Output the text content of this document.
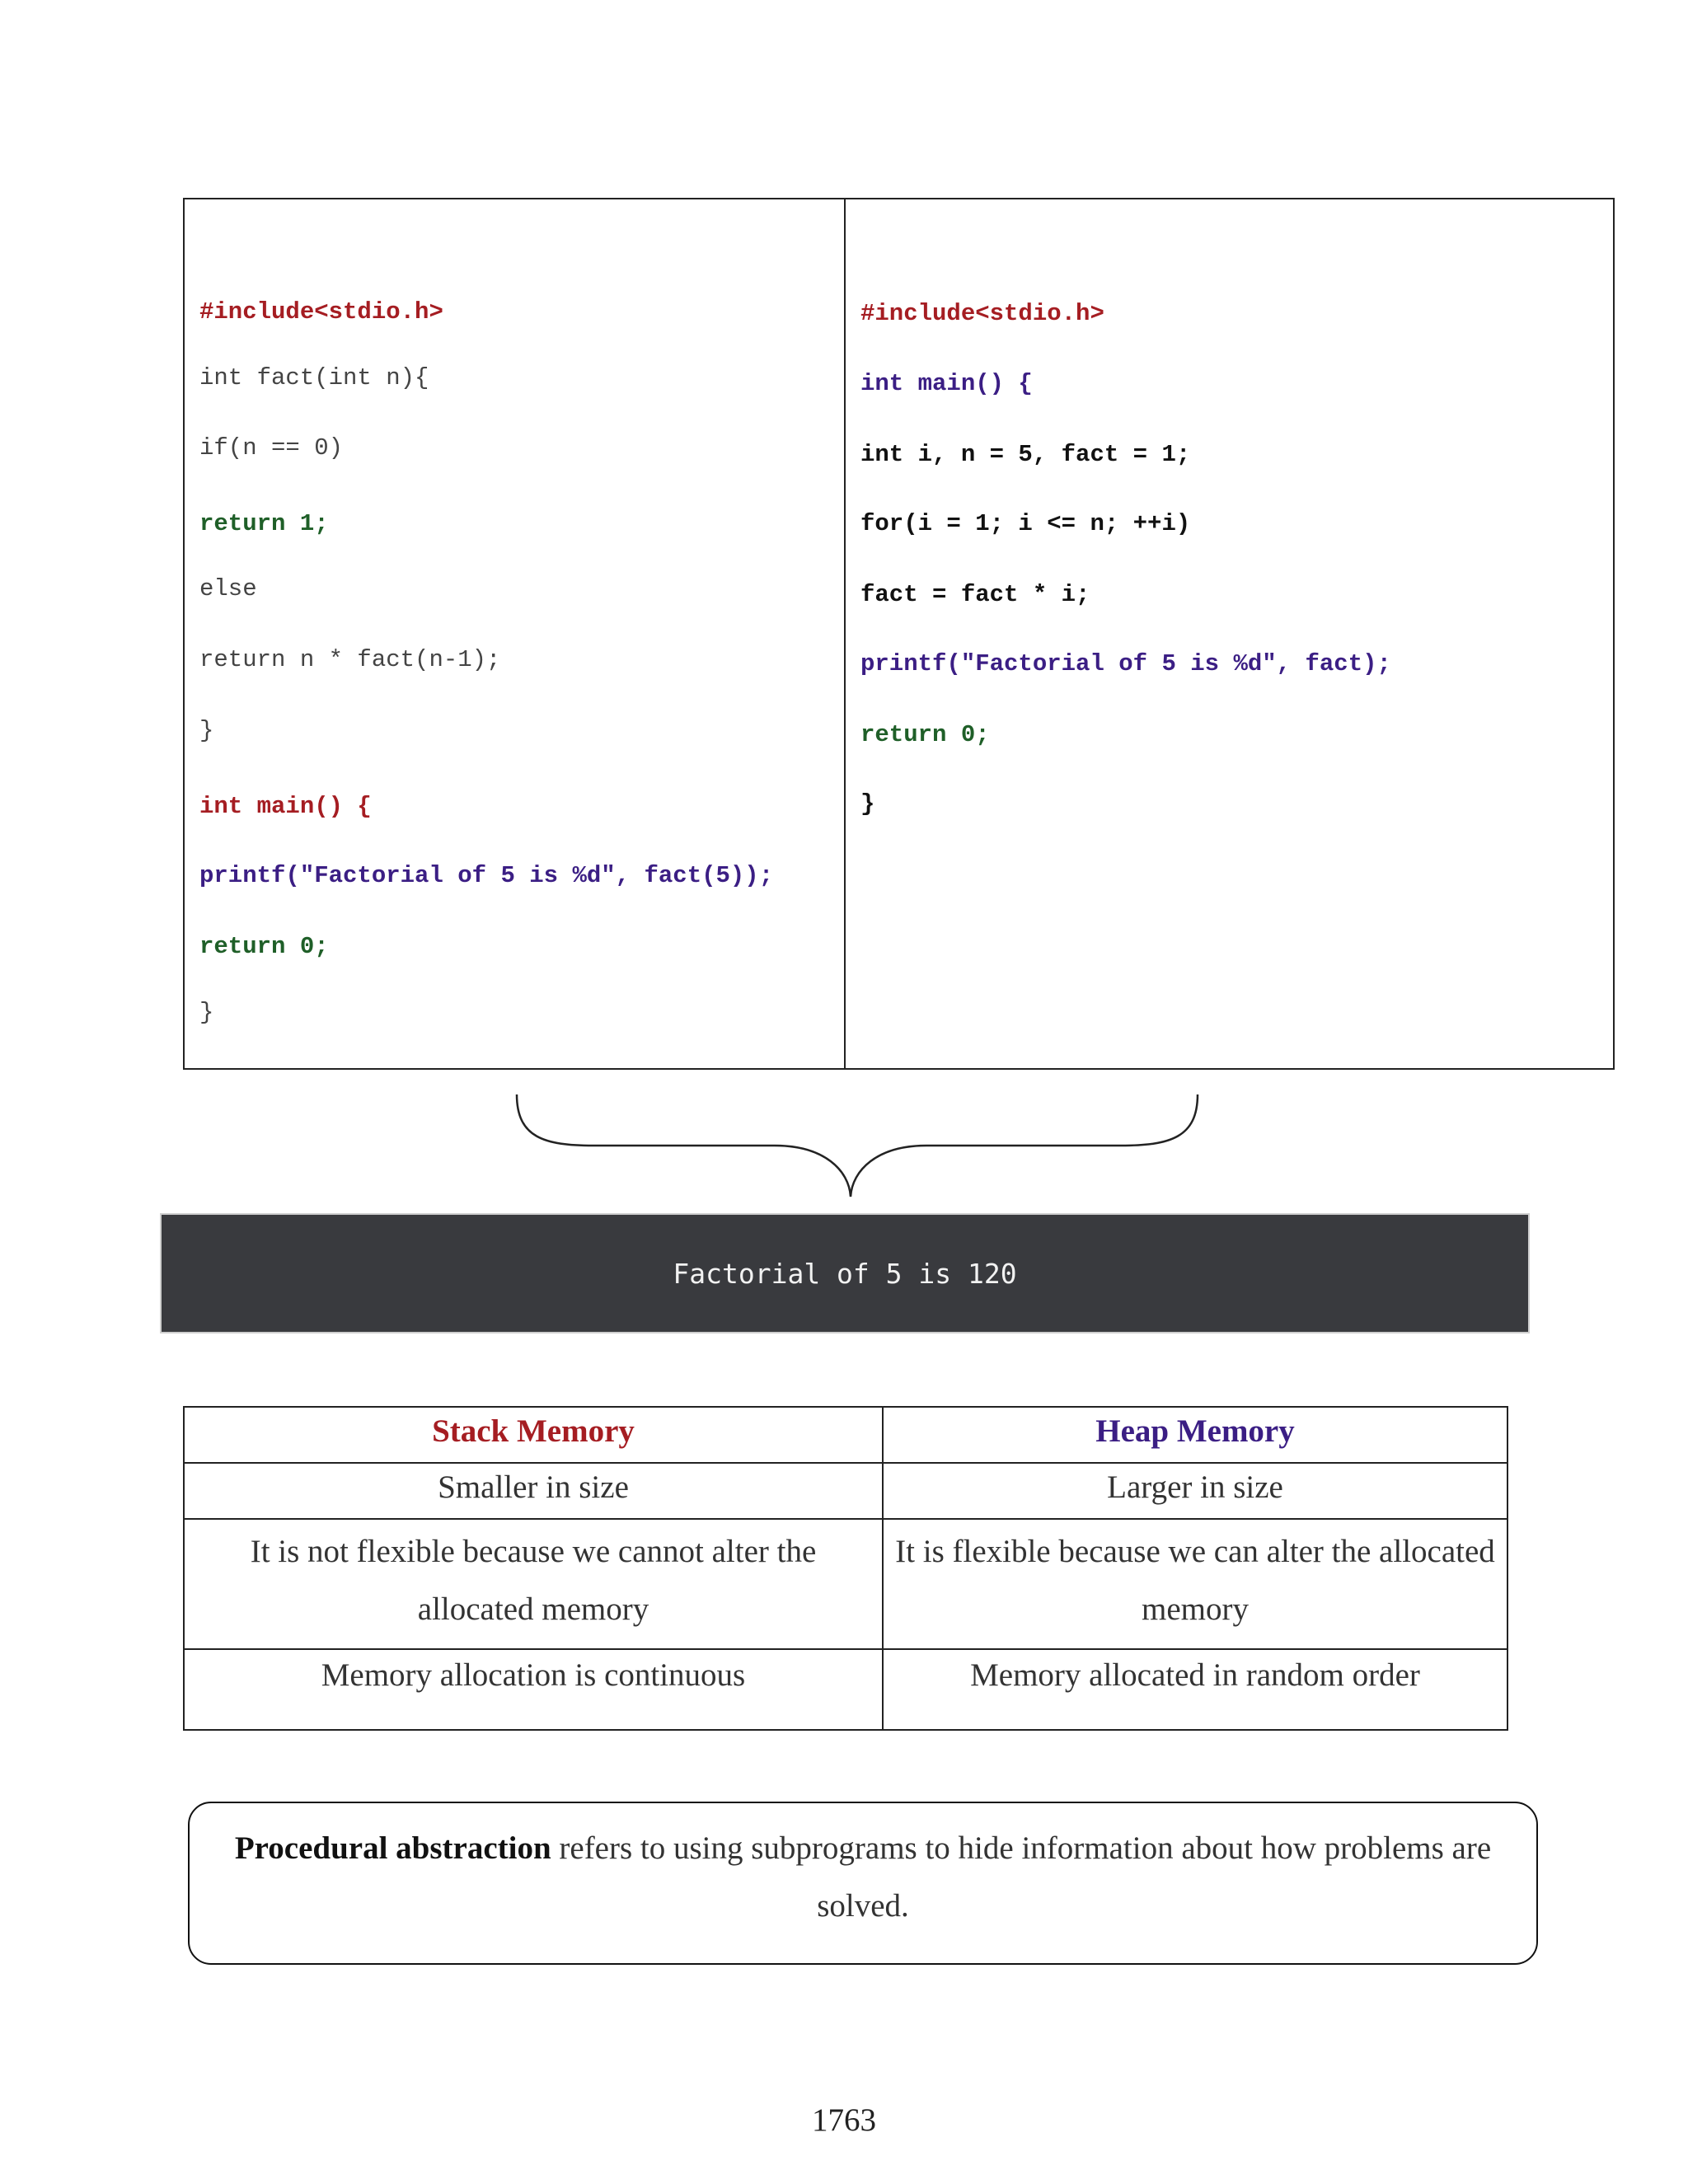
#include<stdio.h>
int fact(int n){
if(n == 0)
return 1;
else
return n * fact(n-1);
}
int main() {
printf("Factorial of 5 is %d", fact(5));
return 0;
}
#include<stdio.h>
int main() {
int i, n = 5, fact = 1;
for(i = 1; i <= n; ++i)
fact = fact * i;
printf("Factorial of 5 is %d", fact);
return 0;
}
Factorial of 5 is 120
Stack Memory	Heap Memory
Smaller in size	Larger in size
It is not flexible because we cannot alter the allocated memory	It is flexible because we can alter the allocated memory
Memory allocation is continuous	Memory allocated in random order
Procedural abstraction refers to using subprograms to hide information about how problems are solved.
1763
